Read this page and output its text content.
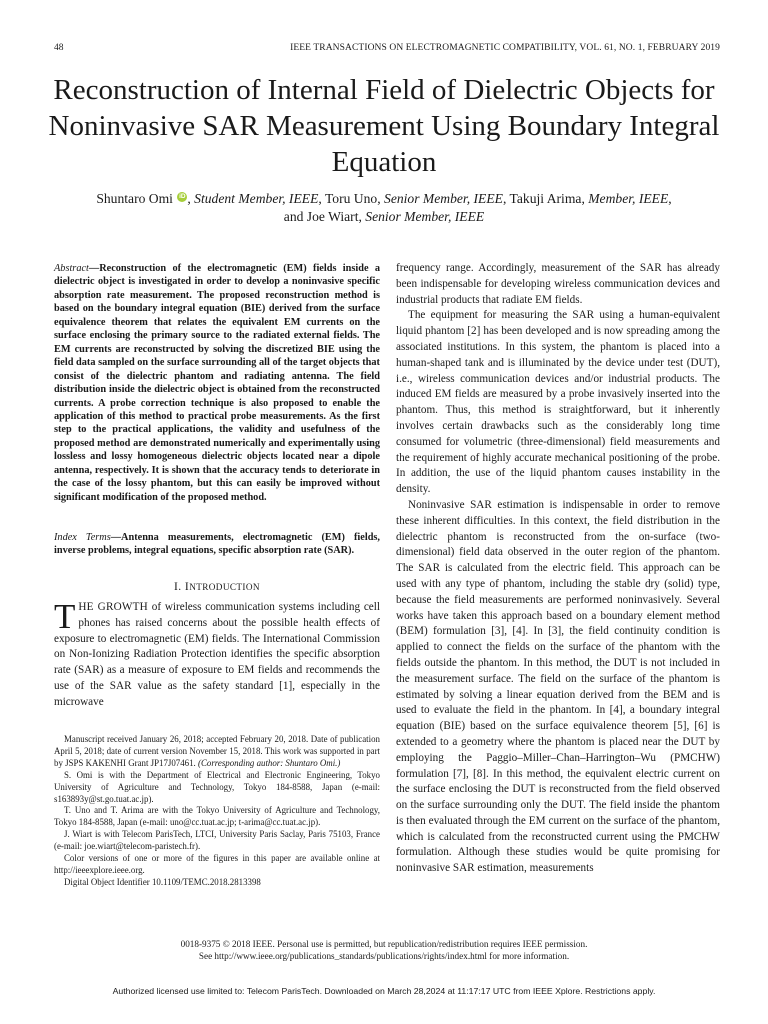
48	IEEE TRANSACTIONS ON ELECTROMAGNETIC COMPATIBILITY, VOL. 61, NO. 1, FEBRUARY 2019
Reconstruction of Internal Field of Dielectric Objects for Noninvasive SAR Measurement Using Boundary Integral Equation
Shuntaro Omi iD , Student Member, IEEE, Toru Uno, Senior Member, IEEE, Takuji Arima, Member, IEEE,
and Joe Wiart, Senior Member, IEEE
Abstract—Reconstruction of the electromagnetic (EM) fields inside a dielectric object is investigated in order to develop a noninvasive specific absorption rate measurement. The proposed reconstruction method is based on the boundary integral equation (BIE) derived from the surface equivalence theorem that relates the equivalent EM currents on the surface enclosing the primary source to the radiated external fields. The EM currents are reconstructed by solving the discretized BIE using the field data sampled on the surface surrounding all of the target objects that consist of the dielectric phantom and radiating antenna. The field distribution inside the dielectric object is obtained from the reconstructed currents. A probe correction technique is also proposed to enable the application of this method to practical probe measurements. As the first step to the practical applications, the validity and usefulness of the proposed method are demonstrated numerically and experimentally using lossless and lossy homogeneous dielectric objects located near a dipole antenna, respectively. It is shown that the accuracy tends to deteriorate in the case of the lossy phantom, but this can easily be improved without significant modification of the proposed method.
Index Terms—Antenna measurements, electromagnetic (EM) fields, inverse problems, integral equations, specific absorption rate (SAR).
I. INTRODUCTION
THE GROWTH of wireless communication systems including cell phones has raised concerns about the possible health effects of exposure to electromagnetic (EM) fields. The International Commission on Non-Ionizing Radiation Protection identifies the specific absorption rate (SAR) as a measure of exposure to EM fields and recommends the use of the SAR value as the safety standard [1], especially in the microwave

Manuscript received January 26, 2018; accepted February 20, 2018. Date of publication April 5, 2018; date of current version November 15, 2018. This work was supported in part by JSPS KAKENHI Grant JP17J07461. (Corresponding author: Shuntaro Omi.)

S. Omi is with the Department of Electrical and Electronic Engineering, Tokyo University of Agriculture and Technology, Tokyo 184-8588, Japan (e-mail: s163893y@st.go.tuat.ac.jp).

T. Uno and T. Arima are with the Tokyo University of Agriculture and Technology, Tokyo 184-8588, Japan (e-mail: uno@cc.tuat.ac.jp; t-arima@cc.tuat.ac.jp).

J. Wiart is with Telecom ParisTech, LTCI, University Paris Saclay, Paris 75103, France (e-mail: joe.wiart@telecom-paristech.fr).

Color versions of one or more of the figures in this paper are available online at http://ieeexplore.ieee.org.

Digital Object Identifier 10.1109/TEMC.2018.2813398

frequency range. Accordingly, measurement of the SAR has already been indispensable for developing wireless communication devices and industrial products that radiate EM fields.

The equipment for measuring the SAR using a human-equivalent liquid phantom [2] has been developed and is now spreading among the associated institutions. In this system, the phantom is placed into a human-shaped tank and is illuminated by the device under test (DUT), i.e., wireless communication devices and/or industrial products. The induced EM fields are measured by a probe invasively inserted into the phantom. Thus, this method is straightforward, but it inherently involves certain drawbacks such as the considerably long time consumed for volumetric (three-dimensional) field measurements and the requirement of highly accurate mechanical positioning of the probe. In addition, the use of the liquid phantom causes instability in the density.

Noninvasive SAR estimation is indispensable in order to remove these inherent difficulties. In this context, the field distribution in the dielectric phantom is reconstructed from the on-surface (two-dimensional) field data observed in the outer region of the phantom. The SAR is calculated from the electric field. This approach can be used with any type of phantom, including the stable dry (solid) type, because the field measurements are performed noninvasively. Several works have taken this approach based on a boundary element method (BEM) formulation [3], [4]. In [3], the field continuity condition is applied to connect the fields on the surface of the phantom with the fields outside the phantom. In this method, the DUT is not included in the measurement surface. The field on the surface of the phantom is estimated by solving a linear equation derived from the BEM and is used to evaluate the field in the phantom. In [4], a boundary integral equation (BIE) based on the surface equivalence theorem [5], [6] is extended to a geometry where the phantom is placed near the DUT by employing the Paggio–Miller–Chan–Harrington–Wu (PMCHW) formulation [7], [8]. In this method, the equivalent electric current on the surface enclosing the DUT is reconstructed from the field observed on the surface surrounding only the DUT. The field inside the phantom is then evaluated through the EM current on the surface of the phantom, which is calculated from the reconstructed current using the PMCHW formulation. Although these studies would be quite promising for noninvasive SAR estimation, measurements

0018-9375 © 2018 IEEE. Personal use is permitted, but republication/redistribution requires IEEE permission.
See http://www.ieee.org/publications_standards/publications/rights/index.html for more information.
Authorized licensed use limited to: Telecom ParisTech. Downloaded on March 28,2024 at 11:17:17 UTC from IEEE Xplore. Restrictions apply.
